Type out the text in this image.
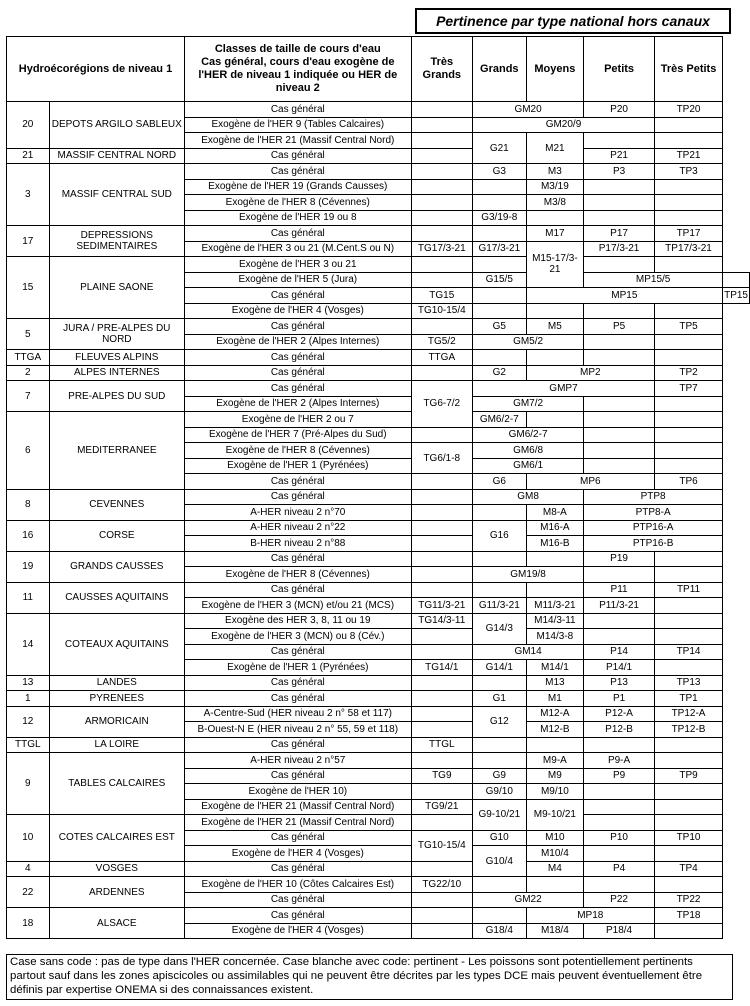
Pertinence par type national hors canaux
Hydroécorégions de niveau 1		Classes de taille de cours d'eau
Cas général, cours d'eau exogène de l'HER de niveau 1 indiquée ou HER de niveau 2	Très Grands	Grands	Moyens	Petits	Très Petits	
20	DEPOTS ARGILO SABLEUX	Cas général		GM20		P20	TP20	
		Exogène de l'HER 9 (Tables Calcaires)		GM20/9				
		Exogène de l'HER 21 (Massif Central Nord)		G21	M21			
21	MASSIF CENTRAL NORD	Cas général				P21	TP21	
3	MASSIF CENTRAL SUD	Cas général		G3	M3	P3	TP3	
		Exogène de l'HER 19 (Grands Causses)			M3/19			
		Exogène de l'HER 8 (Cévennes)			M3/8			
		Exogène de l'HER 19 ou 8		G3/19-8				
17	DEPRESSIONS SEDIMENTAIRES	Cas général			M17	P17	TP17	
		Exogène de l'HER 3 ou 21 (M.Cent.S ou N)	TG17/3-21	G17/3-21	M15-17/3-21	P17/3-21	TP17/3-21	
15	PLAINE SAONE	Exogène de l'HER 3 ou 21						
		Exogène de l'HER 5 (Jura)		G15/5		MP15/5		
		Cas général	TG15		MP15			TP15
		Exogène de l'HER 4 (Vosges)	TG10-15/4					
5	JURA / PRE-ALPES DU NORD	Cas général		G5	M5	P5	TP5	
		Exogène de l'HER 2 (Alpes Internes)	TG5/2	GM5/2				
TTGA	FLEUVES ALPINS	Cas général	TTGA					
2	ALPES INTERNES	Cas général		G2	MP2		TP2	
7	PRE-ALPES DU SUD	Cas général	TG6-7/2	GMP7			TP7	
		Exogène de l'HER 2 (Alpes Internes)		GM7/2				
6	MEDITERRANEE	Exogène de l'HER 2 ou 7		GM6/2-7				
		Exogène de l'HER 7 (Pré-Alpes du Sud)		GM6/2-7				
		Exogène de l'HER 8 (Cévennes)	TG6/1-8	GM6/8				
		Exogène de l'HER 1 (Pyrénées)		GM6/1				
		Cas général		G6	MP6		TP6	
8	CEVENNES	Cas général		GM8		PTP8		
		A-HER niveau 2 n°70			M8-A	PTP8-A		
16	CORSE	A-HER niveau 2 n°22		G16	M16-A	PTP16-A		
		B-HER niveau 2 n°88			M16-B	PTP16-B		
19	GRANDS CAUSSES	Cas général				P19		
		Exogène de l'HER 8 (Cévennes)		GM19/8				
11	CAUSSES AQUITAINS	Cas général				P11	TP11	
		Exogène de l'HER 3 (MCN) et/ou 21 (MCS)	TG11/3-21	G11/3-21	M11/3-21	P11/3-21		
14	COTEAUX AQUITAINS	Exogène des HER 3, 8, 11 ou 19	TG14/3-11	G14/3	M14/3-11			
		Exogène de l'HER 3 (MCN) ou 8 (Cév.)			M14/3-8			
		Cas général		GM14		P14	TP14	
		Exogène de l'HER 1 (Pyrénées)	TG14/1	G14/1	M14/1	P14/1		
13	LANDES	Cas général			M13	P13	TP13	
1	PYRENEES	Cas général		G1	M1	P1	TP1	
12	ARMORICAIN	A-Centre-Sud (HER niveau 2 n° 58 et 117)		G12	M12-A	P12-A	TP12-A	
		B-Ouest-N E (HER niveau 2 n° 55, 59 et 118)			M12-B	P12-B	TP12-B	
TTGL	LA LOIRE	Cas général	TTGL					
9	TABLES CALCAIRES	A-HER niveau 2 n°57			M9-A	P9-A		
		Cas général	TG9	G9	M9	P9	TP9	
		Exogène de l'HER 10)		G9/10	M9/10			
		Exogène de l'HER 21 (Massif Central Nord)	TG9/21	G9-10/21	M9-10/21			
10	COTES CALCAIRES EST	Exogène de l'HER 21 (Massif Central Nord)						
		Cas général	TG10-15/4	G10	M10	P10	TP10	
		Exogène de l'HER 4 (Vosges)		G10/4	M10/4			
4	VOSGES	Cas général			M4	P4	TP4	
22	ARDENNES	Exogène de l'HER 10 (Côtes Calcaires Est)	TG22/10					
		Cas général		GM22		P22	TP22	
18	ALSACE	Cas général			MP18		TP18	
		Exogène de l'HER 4 (Vosges)		G18/4	M18/4	P18/4		
Case sans code : pas de type dans l'HER concernée. Case blanche avec code: pertinent - Les poissons sont potentiellement pertinents partout sauf dans les zones apiscicoles ou assimilables qui ne peuvent être décrites par les types DCE mais peuvent éventuellement être définis par expertise ONEMA si des connaissances existent.
